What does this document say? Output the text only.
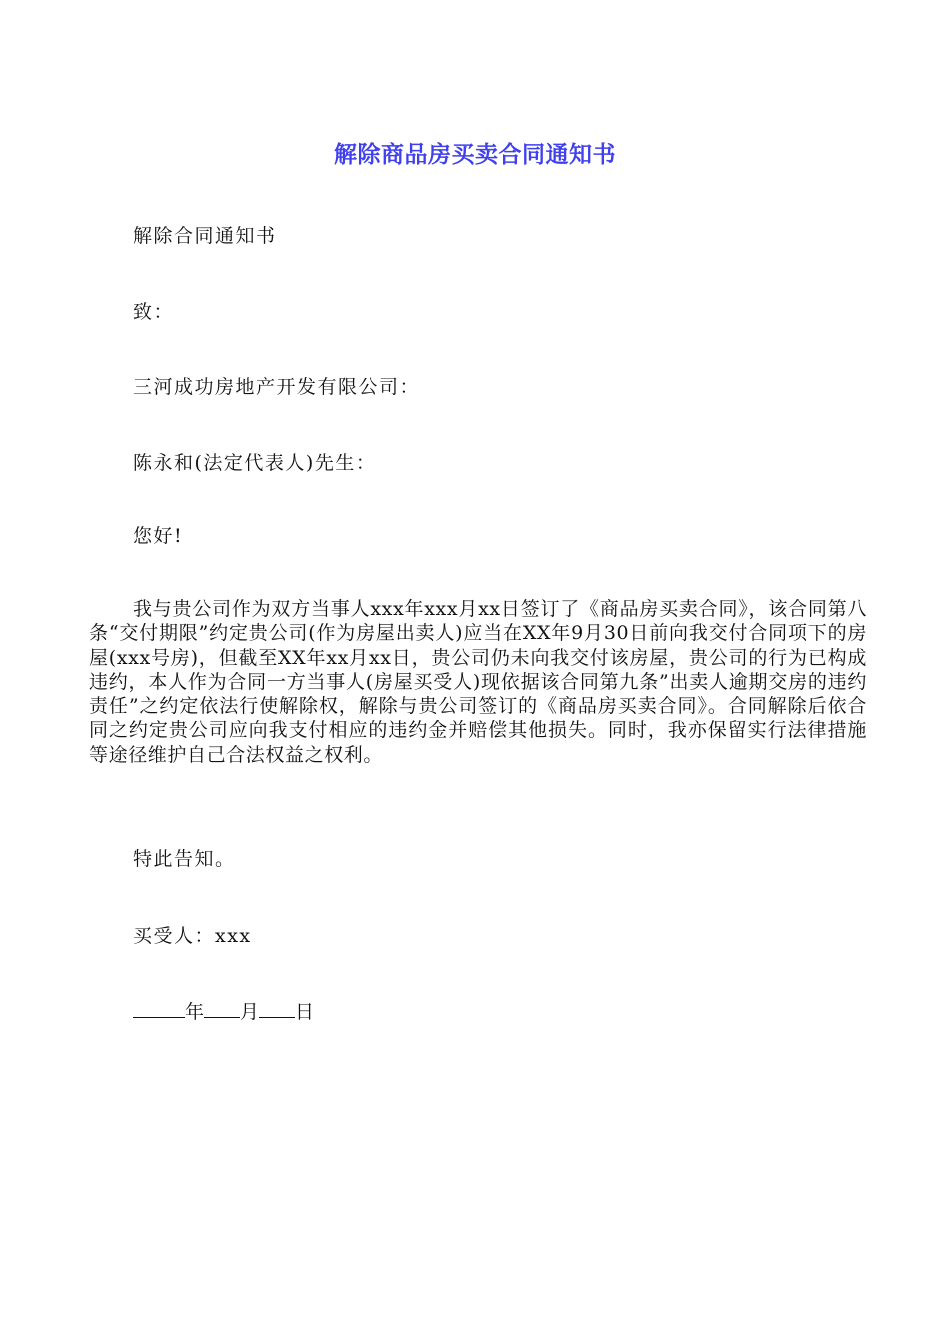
解除商品房买卖合同通知书

解除合同通知书

致：

三河成功房地产开发有限公司：

陈永和(法定代表人)先生：

您好!

我与贵公司作为双方当事人xxx年xxx月xx日签订了《商品房买卖合同》，该合同第八条“交付期限”约定贵公司(作为房屋出卖人)应当在XX年9月30日前向我交付合同项下的房屋(xxx号房)，但截至XX年xx月xx日，贵公司仍未向我交付该房屋，贵公司的行为已构成违约，本人作为合同一方当事人(房屋买受人)现依据该合同第九条”出卖人逾期交房的违约责任”之约定依法行使解除权，解除与贵公司签订的《商品房买卖合同》。合同解除后依合同之约定贵公司应向我支付相应的违约金并赔偿其他损失。同时，我亦保留实行法律措施等途径维护自己合法权益之权利。

特此告知。

买受人：xxx

年 月 日
